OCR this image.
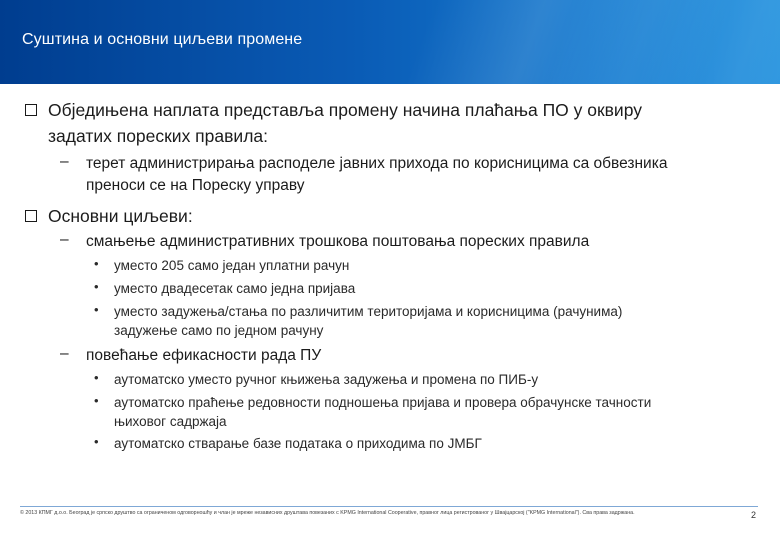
Суштина и основни циљеви промене
Обједињена наплата представља промену начина плаћања ПО у оквиру
задатих пореских правила:
– терет администрирања расподеле јавних прихода по корисницима са обвезника
преноси се на Пореску управу
Основни циљеви:
– смањење административних трошкова поштовања пореских правила
• уместо 205 само један уплатни рачун
• уместо двадесетак само једна пријава
• уместо задужења/стања по различитим територијама и корисницима (рачунима)
задужење само по једном рачуну
– повећање ефикасности рада ПУ
• аутоматско уместо ручног књижења задужења и промена по ПИБ-у
• аутоматско праћење редовности подношења пријава и провера обрачунске тачности
њиховог садржаја
• аутоматско стварање базе података о приходима по ЈМБГ
© 2013 КПМГ д.о.о. Београд је српско друштво са ограниченом одговорношћу и члан је мреже независних друштава повезаних с KPMG International Cooperative, правног лица регистрованог у Швајцарској ("KPMG International"). Сва права задржана.	2
